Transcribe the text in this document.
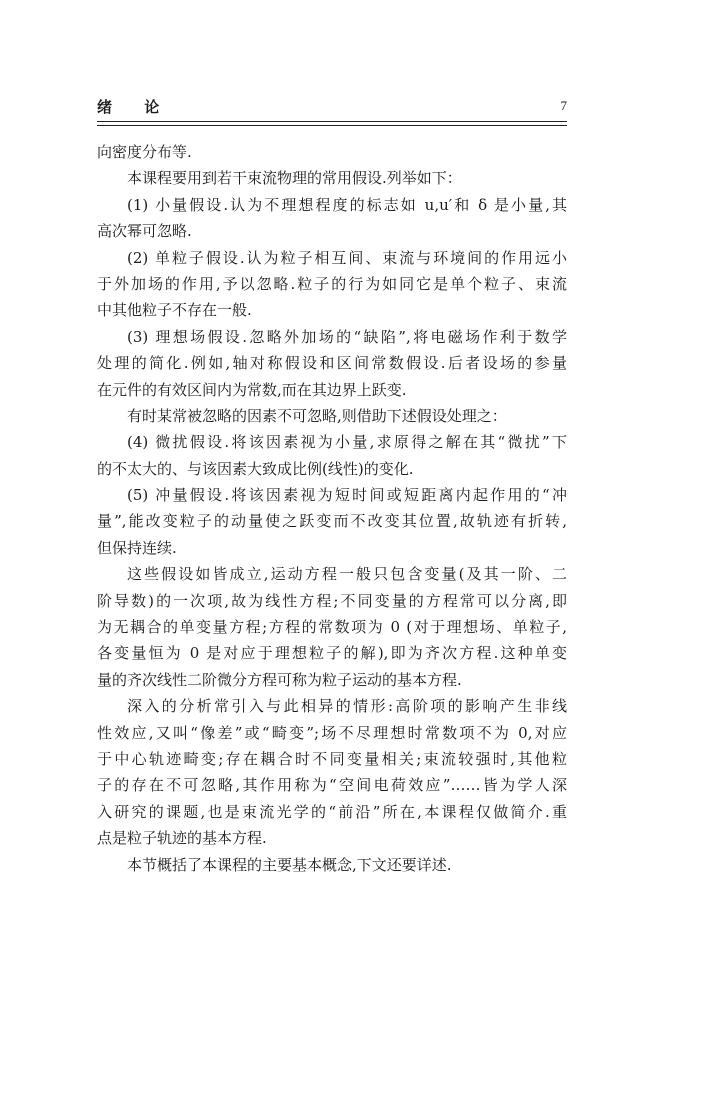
绪 论	7
向密度分布等.
本课程要用到若干束流物理的常用假设.列举如下：
(1) 小量假设.认为不理想程度的标志如 u,u′和 δ 是小量,其
高次幂可忽略.
(2) 单粒子假设.认为粒子相互间、束流与环境间的作用远小
于外加场的作用,予以忽略.粒子的行为如同它是单个粒子、束流
中其他粒子不存在一般.
(3) 理想场假设.忽略外加场的“缺陷”,将电磁场作利于数学
处理的简化.例如,轴对称假设和区间常数假设.后者设场的参量
在元件的有效区间内为常数,而在其边界上跃变.
有时某常被忽略的因素不可忽略,则借助下述假设处理之：
(4) 微扰假设.将该因素视为小量,求原得之解在其“微扰”下
的不太大的、与该因素大致成比例(线性)的变化.
(5) 冲量假设.将该因素视为短时间或短距离内起作用的“冲
量”,能改变粒子的动量使之跃变而不改变其位置,故轨迹有折转,
但保持连续.
这些假设如皆成立,运动方程一般只包含变量(及其一阶、二
阶导数)的一次项,故为线性方程;不同变量的方程常可以分离,即
为无耦合的单变量方程;方程的常数项为 0 (对于理想场、单粒子,
各变量恒为 0 是对应于理想粒子的解),即为齐次方程.这种单变
量的齐次线性二阶微分方程可称为粒子运动的基本方程.
深入的分析常引入与此相异的情形:高阶项的影响产生非线
性效应,又叫“像差”或“畸变”;场不尽理想时常数项不为 0,对应
于中心轨迹畸变;存在耦合时不同变量相关;束流较强时,其他粒
子的存在不可忽略,其作用称为“空间电荷效应”……皆为学人深
入研究的课题,也是束流光学的“前沿”所在,本课程仅做简介.重
点是粒子轨迹的基本方程.
本节概括了本课程的主要基本概念,下文还要详述.
